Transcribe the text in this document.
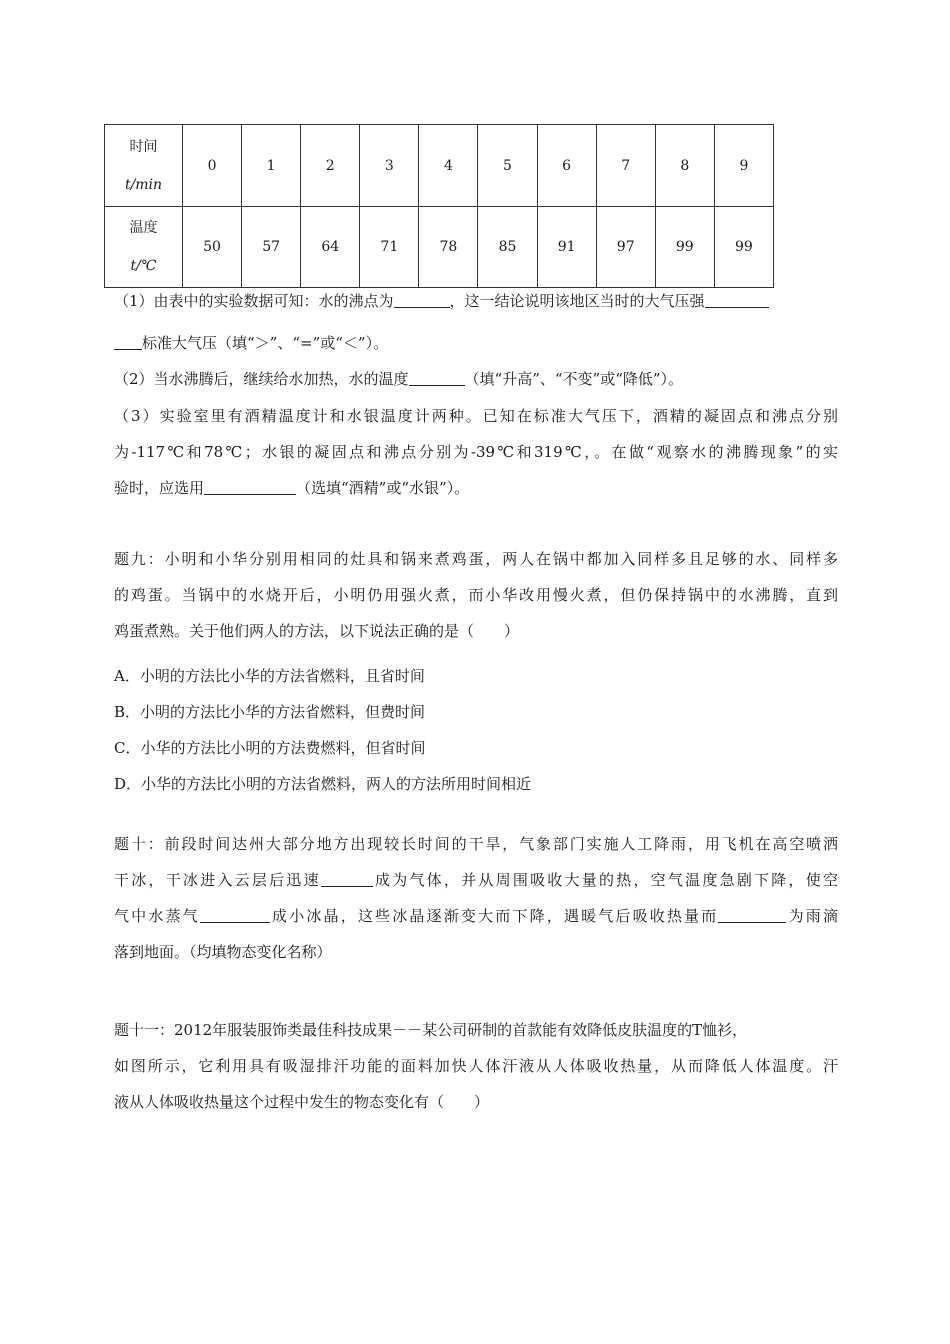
时间
t/min	0	1	2	3	4	5	6	7	8	9

温度
t/℃	50	57	64	71	78	85	91	97	99	99
（1）由表中的实验数据可知：水的沸点为	，这一结论说明该地区当时的大气压强
标准大气压（填“＞”、“=”或“＜”）。
（2）当水沸腾后，继续给水加热，水的温度	（填“升高”、“不变”或“降低”）。

（3）实验室里有酒精温度计和水银温度计两种。已知在标准大气压下，酒精的凝固点和沸点分别

为-117℃和78℃；水银的凝固点和沸点分别为-39℃和319℃，。在做“观察水的沸腾现象”的实

验时，应选用	（选填“酒精”或“水银”）。

题九：小明和小华分别用相同的灶具和锅来煮鸡蛋，两人在锅中都加入同样多且足够的水、同样多

的鸡蛋。当锅中的水烧开后，小明仍用强火煮，而小华改用慢火煮，但仍保持锅中的水沸腾，直到

鸡蛋煮熟。关于他们两人的方法，以下说法正确的是（　　）

A．小明的方法比小华的方法省燃料，且省时间
B．小明的方法比小华的方法省燃料，但费时间
C．小华的方法比小明的方法费燃料，但省时间
D．小华的方法比小明的方法省燃料，两人的方法所用时间相近

题十：前段时间达州大部分地方出现较长时间的干旱，气象部门实施人工降雨，用飞机在高空喷洒

干冰，干冰进入云层后迅速	成为气体，并从周围吸收大量的热，空气温度急剧下降，使空

气中水蒸气	成小冰晶，这些冰晶逐渐变大而下降，遇暖气后吸收热量而	为雨滴

落到地面。（均填物态变化名称）

题十一：2012年服装服饰类最佳科技成果－－某公司研制的首款能有效降低皮肤温度的T恤衫，

如图所示，它利用具有吸湿排汗功能的面料加快人体汗液从人体吸收热量，从而降低人体温度。汗

液从人体吸收热量这个过程中发生的物态变化有（　　）
